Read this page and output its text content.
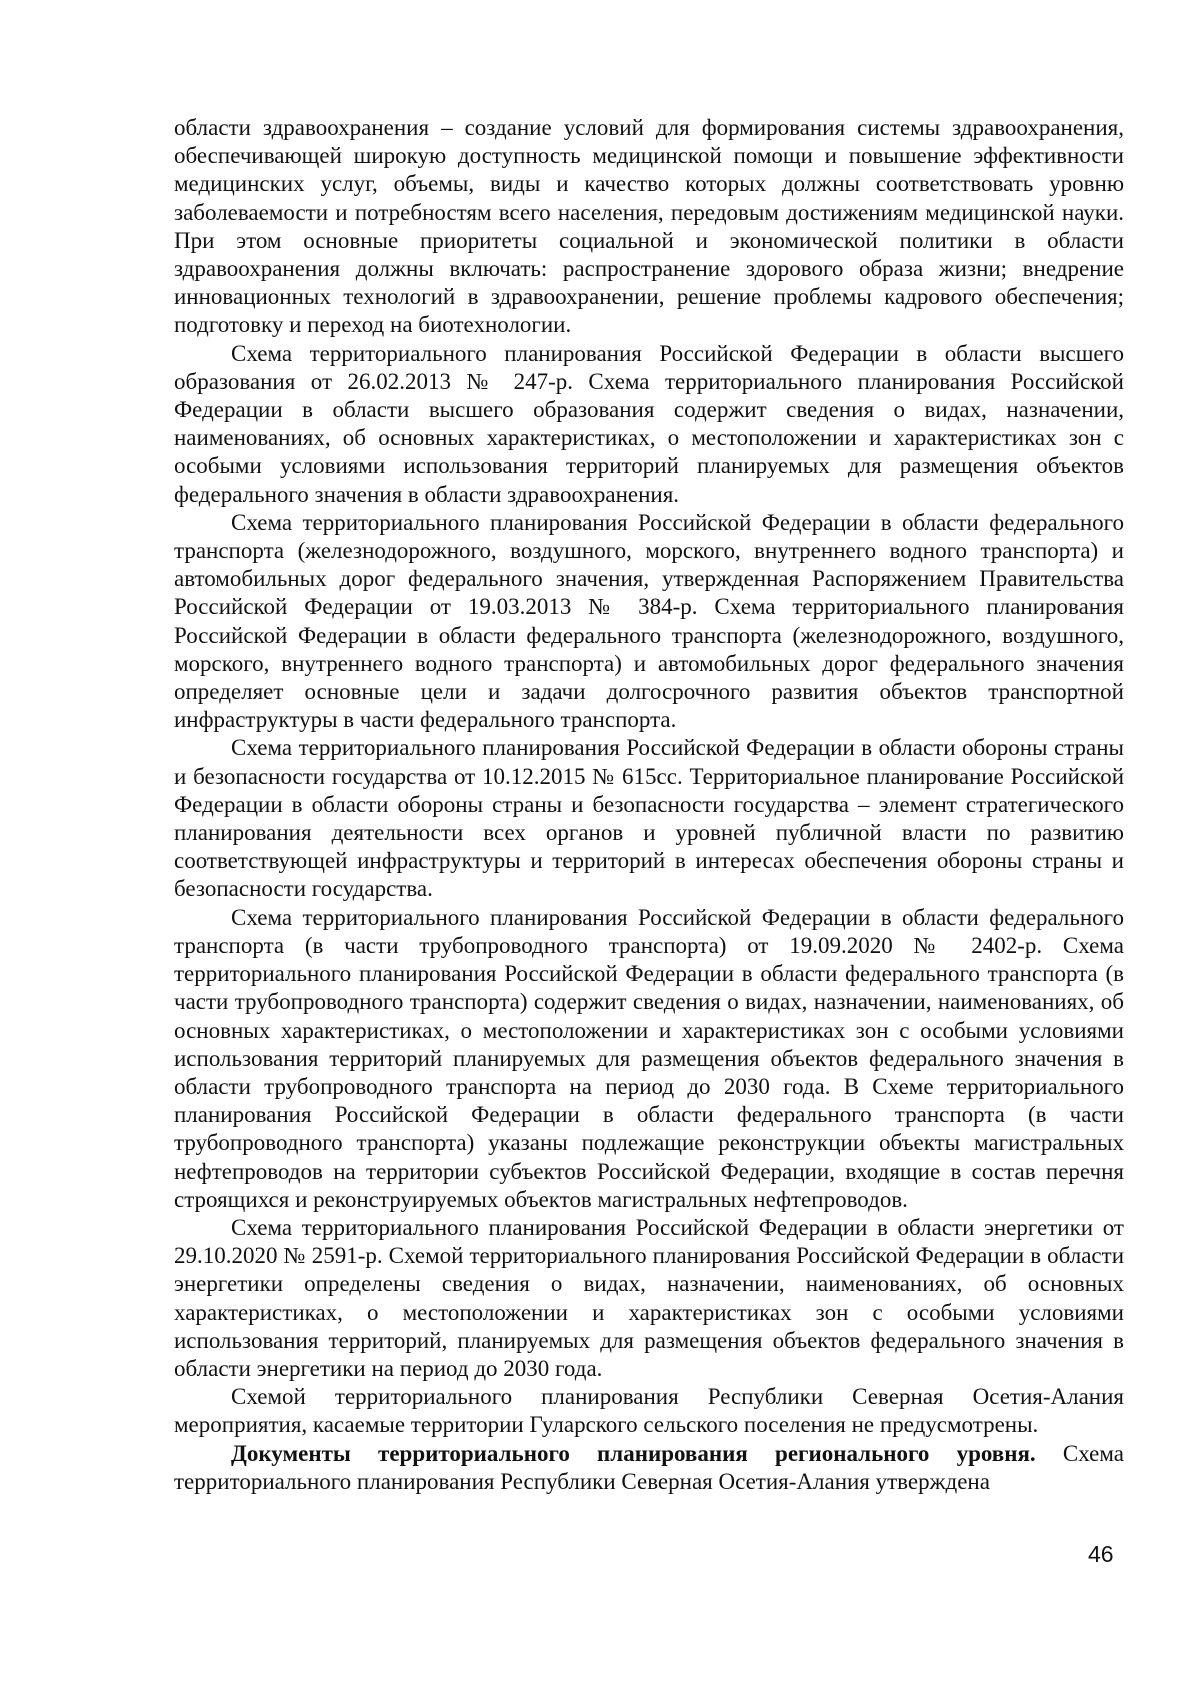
области здравоохранения – создание условий для формирования системы здравоохранения, обеспечивающей широкую доступность медицинской помощи и повышение эффективности медицинских услуг, объемы, виды и качество которых должны соответствовать уровню заболеваемости и потребностям всего населения, передовым достижениям медицинской науки. При этом основные приоритеты социальной и экономической политики в области здравоохранения должны включать: распространение здорового образа жизни; внедрение инновационных технологий в здравоохранении, решение проблемы кадрового обеспечения; подготовку и переход на биотехнологии.

Схема территориального планирования Российской Федерации в области высшего образования от 26.02.2013 № 247-р. Схема территориального планирования Российской Федерации в области высшего образования содержит сведения о видах, назначении, наименованиях, об основных характеристиках, о местоположении и характеристиках зон с особыми условиями использования территорий планируемых для размещения объектов федерального значения в области здравоохранения.

Схема территориального планирования Российской Федерации в области федерального транспорта (железнодорожного, воздушного, морского, внутреннего водного транспорта) и автомобильных дорог федерального значения, утвержденная Распоряжением Правительства Российской Федерации от 19.03.2013 № 384-р. Схема территориального планирования Российской Федерации в области федерального транспорта (железнодорожного, воздушного, морского, внутреннего водного транспорта) и автомобильных дорог федерального значения определяет основные цели и задачи долгосрочного развития объектов транспортной инфраструктуры в части федерального транспорта.

Схема территориального планирования Российской Федерации в области обороны страны и безопасности государства от 10.12.2015 № 615сс. Территориальное планирование Российской Федерации в области обороны страны и безопасности государства – элемент стратегического планирования деятельности всех органов и уровней публичной власти по развитию соответствующей инфраструктуры и территорий в интересах обеспечения обороны страны и безопасности государства.

Схема территориального планирования Российской Федерации в области федерального транспорта (в части трубопроводного транспорта) от 19.09.2020 № 2402-р. Схема территориального планирования Российской Федерации в области федерального транспорта (в части трубопроводного транспорта) содержит сведения о видах, назначении, наименованиях, об основных характеристиках, о местоположении и характеристиках зон с особыми условиями использования территорий планируемых для размещения объектов федерального значения в области трубопроводного транспорта на период до 2030 года. В Схеме территориального планирования Российской Федерации в области федерального транспорта (в части трубопроводного транспорта) указаны подлежащие реконструкции объекты магистральных нефтепроводов на территории субъектов Российской Федерации, входящие в состав перечня строящихся и реконструируемых объектов магистральных нефтепроводов.

Схема территориального планирования Российской Федерации в области энергетики от 29.10.2020 № 2591-р. Схемой территориального планирования Российской Федерации в области энергетики определены сведения о видах, назначении, наименованиях, об основных характеристиках, о местоположении и характеристиках зон с особыми условиями использования территорий, планируемых для размещения объектов федерального значения в области энергетики на период до 2030 года.

Схемой территориального планирования Республики Северная Осетия-Алания мероприятия, касаемые территории Гуларского сельского поселения не предусмотрены.

Документы территориального планирования регионального уровня. Схема территориального планирования Республики Северная Осетия-Алания утверждена

46
